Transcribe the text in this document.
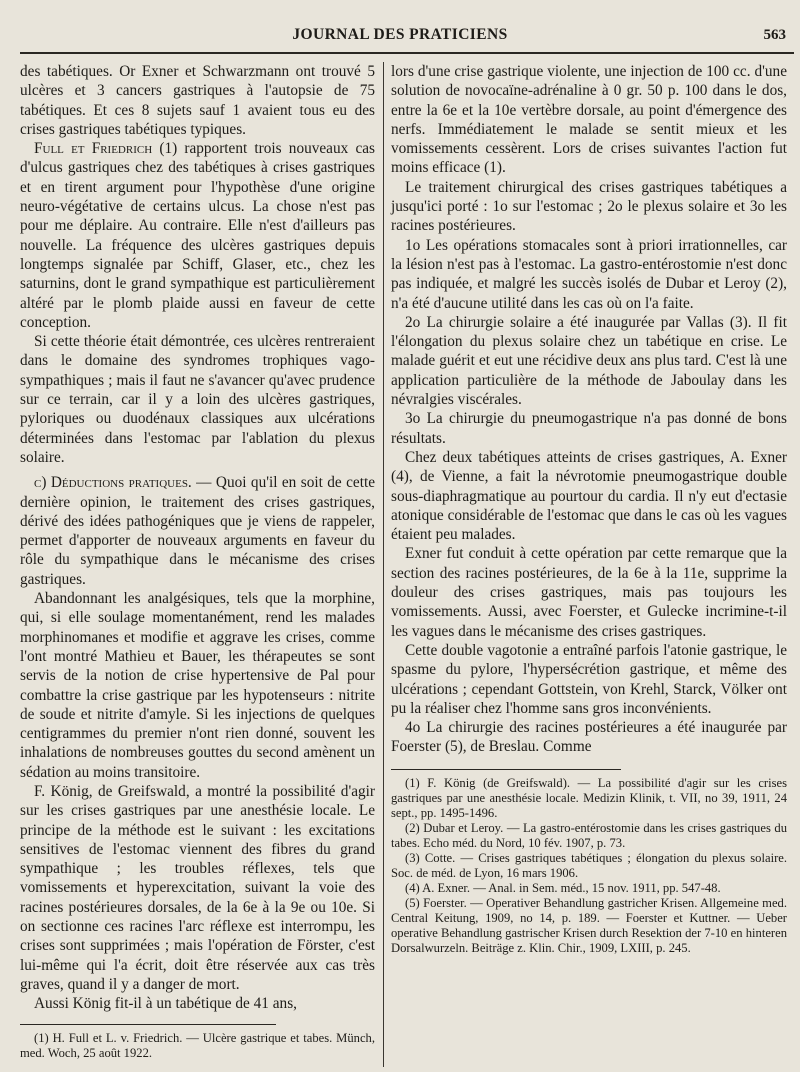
JOURNAL DES PRATICIENS	563

des tabétiques. Or Exner et Schwarzmann ont trouvé 5 ulcères et 3 cancers gastriques à l'autopsie de 75 tabétiques. Et ces 8 sujets sauf 1 avaient tous eu des crises gastriques tabétiques typiques.

Full et Friedrich (1) rapportent trois nouveaux cas d'ulcus gastriques chez des tabétiques à crises gastriques et en tirent argument pour l'hypothèse d'une origine neuro-végétative de certains ulcus. La chose n'est pas pour me déplaire. Au contraire. Elle n'est d'ailleurs pas nouvelle. La fréquence des ulcères gastriques depuis longtemps signalée par Schiff, Glaser, etc., chez les saturnins, dont le grand sympathique est particulièrement altéré par le plomb plaide aussi en faveur de cette conception.

Si cette théorie était démontrée, ces ulcères rentreraient dans le domaine des syndromes trophiques vago-sympathiques ; mais il faut ne s'avancer qu'avec prudence sur ce terrain, car il y a loin des ulcères gastriques, pyloriques ou duodénaux classiques aux ulcérations déterminées dans l'estomac par l'ablation du plexus solaire.

c) Déductions pratiques. — Quoi qu'il en soit de cette dernière opinion, le traitement des crises gastriques, dérivé des idées pathogéniques que je viens de rappeler, permet d'apporter de nouveaux arguments en faveur du rôle du sympathique dans le mécanisme des crises gastriques.

Abandonnant les analgésiques, tels que la morphine, qui, si elle soulage momentanément, rend les malades morphinomanes et modifie et aggrave les crises, comme l'ont montré Mathieu et Bauer, les thérapeutes se sont servis de la notion de crise hypertensive de Pal pour combattre la crise gastrique par les hypotenseurs : nitrite de soude et nitrite d'amyle. Si les injections de quelques centigrammes du premier n'ont rien donné, souvent les inhalations de nombreuses gouttes du second amènent un sédation au moins transitoire.

F. König, de Greifswald, a montré la possibilité d'agir sur les crises gastriques par une anesthésie locale. Le principe de la méthode est le suivant : les excitations sensitives de l'estomac viennent des fibres du grand sympathique ; les troubles réflexes, tels que vomissements et hyperexcitation, suivant la voie des racines postérieures dorsales, de la 6e à la 9e ou 10e. Si on sectionne ces racines l'arc réflexe est interrompu, les crises sont supprimées ; mais l'opération de Förster, c'est lui-même qui l'a écrit, doit être réservée aux cas très graves, quand il y a danger de mort.

Aussi König fit-il à un tabétique de 41 ans,

(1) H. Full et L. v. Friedrich. — Ulcère gastrique et tabes. Münch, med. Woch, 25 août 1922.

lors d'une crise gastrique violente, une injection de 100 cc. d'une solution de novocaïne-adrénaline à 0 gr. 50 p. 100 dans le dos, entre la 6e et la 10e vertèbre dorsale, au point d'émergence des nerfs. Immédiatement le malade se sentit mieux et les vomissements cessèrent. Lors de crises suivantes l'action fut moins efficace (1).

Le traitement chirurgical des crises gastriques tabétiques a jusqu'ici porté : 1o sur l'estomac ; 2o le plexus solaire et 3o les racines postérieures.

1o Les opérations stomacales sont à priori irrationnelles, car la lésion n'est pas à l'estomac. La gastro-entérostomie n'est donc pas indiquée, et malgré les succès isolés de Dubar et Leroy (2), n'a été d'aucune utilité dans les cas où on l'a faite.

2o La chirurgie solaire a été inaugurée par Vallas (3). Il fit l'élongation du plexus solaire chez un tabétique en crise. Le malade guérit et eut une récidive deux ans plus tard. C'est là une application particulière de la méthode de Jaboulay dans les névralgies viscérales.

3o La chirurgie du pneumogastrique n'a pas donné de bons résultats.

Chez deux tabétiques atteints de crises gastriques, A. Exner (4), de Vienne, a fait la névrotomie pneumogastrique double sous-diaphragmatique au pourtour du cardia. Il n'y eut d'ectasie atonique considérable de l'estomac que dans le cas où les vagues étaient peu malades.

Exner fut conduit à cette opération par cette remarque que la section des racines postérieures, de la 6e à la 11e, supprime la douleur des crises gastriques, mais pas toujours les vomissements. Aussi, avec Foerster, et Gulecke incrimine-t-il les vagues dans le mécanisme des crises gastriques.

Cette double vagotonie a entraîné parfois l'atonie gastrique, le spasme du pylore, l'hypersécrétion gastrique, et même des ulcérations ; cependant Gottstein, von Krehl, Starck, Völker ont pu la réaliser chez l'homme sans gros inconvénients.

4o La chirurgie des racines postérieures a été inaugurée par Foerster (5), de Breslau. Comme

(1) F. König (de Greifswald). — La possibilité d'agir sur les crises gastriques par une anesthésie locale. Medizin Klinik, t. VII, no 39, 1911, 24 sept., pp. 1495-1496.

(2) Dubar et Leroy. — La gastro-entérostomie dans les crises gastriques du tabes. Echo méd. du Nord, 10 fév. 1907, p. 73.

(3) Cotte. — Crises gastriques tabétiques ; élongation du plexus solaire. Soc. de méd. de Lyon, 16 mars 1906.

(4) A. Exner. — Anal. in Sem. méd., 15 nov. 1911, pp. 547-48.

(5) Foerster. — Operativer Behandlung gastricher Krisen. Allgemeine med. Central Keitung, 1909, no 14, p. 189. — Foerster et Kuttner. — Ueber operative Behandlung gastrischer Krisen durch Resektion der 7-10 en hinteren Dorsalwurzeln. Beiträge z. Klin. Chir., 1909, LXIII, p. 245.
